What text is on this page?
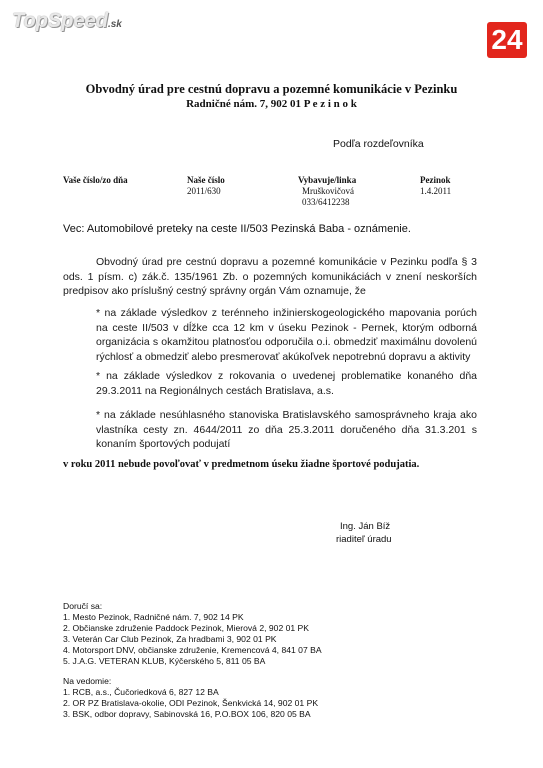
TopSpeed.sk	24
Obvodný úrad pre cestnú dopravu a pozemné komunikácie v Pezinku
Radničné nám. 7, 902 01 P e z i n o k
Podľa rozdeľovníka
Vaše číslo/zo dňa	Naše číslo
2011/630
Vybavuje/linka
Mruškovičová
033/6412238
Pezinok
1.4.2011
Vec: Automobilové preteky na ceste II/503 Pezinská Baba - oznámenie.
Obvodný úrad pre cestnú dopravu a pozemné komunikácie v Pezinku podľa § 3 ods. 1 písm. c) zák.č. 135/1961 Zb. o pozemných komunikáciách v znení neskorších predpisov ako príslušný cestný správny orgán Vám oznamuje, že
* na základe výsledkov z terénneho inžinierskogeologického mapovania porúch na ceste II/503 v dĺžke cca 12 km v úseku Pezinok - Pernek, ktorým odborná organizácia s okamžitou platnosťou odporučila o.i. obmedziť maximálnu dovolenú rýchlosť a obmedziť alebo presmerovať akúkoľvek nepotrebnú dopravu a aktivity
* na základe výsledkov z rokovania o uvedenej problematike konaného dňa 29.3.2011 na Regionálnych cestách Bratislava, a.s.
* na základe nesúhlasného stanoviska Bratislavského samosprávneho kraja ako vlastníka cesty zn. 4644/2011 zo dňa 25.3.2011 doručeného dňa 31.3.201 s konaním športových podujatí
v roku 2011 nebude povoľovať v predmetnom úseku žiadne športové podujatia.
Ing. Ján Bíž
riaditeľ úradu
Doručí sa:
1. Mesto Pezinok, Radničné nám. 7, 902 14 PK
2. Občianske združenie Paddock Pezinok, Mierová 2, 902 01 PK
3. Veterán Car Club Pezinok, Za hradbami 3, 902 01 PK
4. Motorsport DNV, občianske združenie, Kremencová 4, 841 07 BA
5. J.A.G. VETERAN KLUB, Kýčerského 5, 811 05 BA
Na vedomie:
1. RCB, a.s., Čučoriedková 6, 827 12 BA
2. OR PZ Bratislava-okolie, ODI Pezinok, Šenkvická 14, 902 01 PK
3. BSK, odbor dopravy, Sabinovská 16, P.O.BOX 106, 820 05 BA
